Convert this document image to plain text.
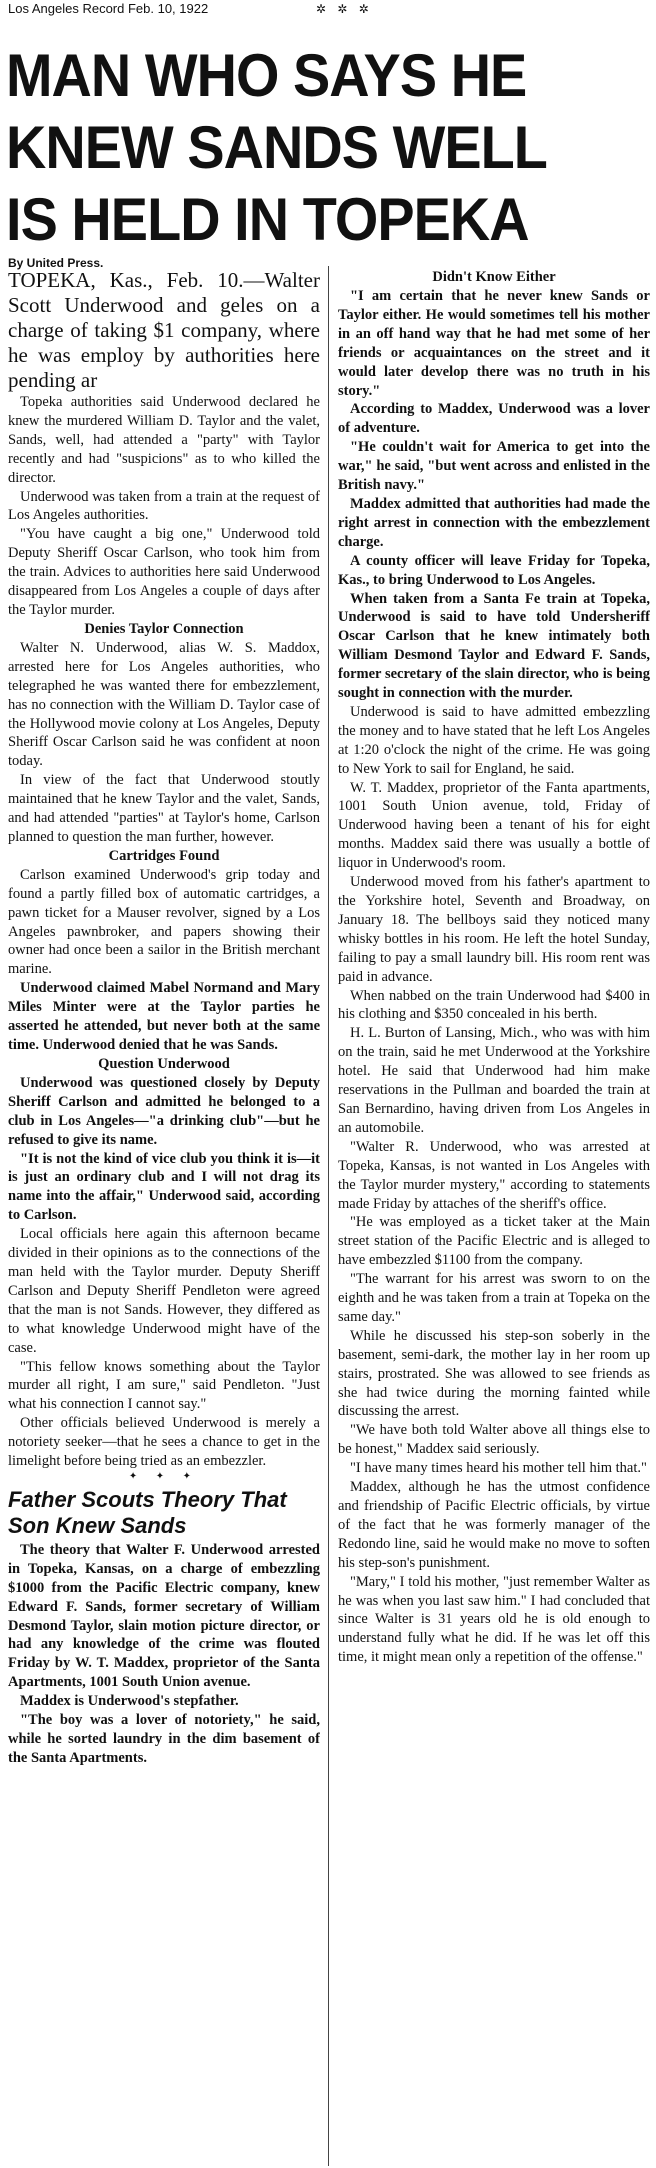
Los Angeles Record Feb. 10, 1922	✲ ✲ ✲
MAN WHO SAYS HE
KNEW SANDS WELL
IS HELD IN TOPEKA
By United Press.

TOPEKA, Kas., Feb. 10.—Walter Scott Underwood and geles on a charge of taking $1 company, where he was employ by authorities here pending ar

Topeka authorities said Underwood declared he knew the murdered William D. Taylor and the valet, Sands, well, had attended a "party" with Taylor recently and had "suspicions" as to who killed the director.

Underwood was taken from a train at the request of Los Angeles authorities.

"You have caught a big one," Underwood told Deputy Sheriff Oscar Carlson, who took him from the train. Advices to authorities here said Underwood disappeared from Los Angeles a couple of days after the Taylor murder.

Denies Taylor Connection

Walter N. Underwood, alias W. S. Maddox, arrested here for Los Angeles authorities, who telegraphed he was wanted there for embezzlement, has no connection with the William D. Taylor case of the Hollywood movie colony at Los Angeles, Deputy Sheriff Oscar Carlson said he was confident at noon today.

In view of the fact that Underwood stoutly maintained that he knew Taylor and the valet, Sands, and had attended "parties" at Taylor's home, Carlson planned to question the man further, however.

Cartridges Found

Carlson examined Underwood's grip today and found a partly filled box of automatic cartridges, a pawn ticket for a Mauser revolver, signed by a Los Angeles pawnbroker, and papers showing their owner had once been a sailor in the British merchant marine.

Underwood claimed Mabel Normand and Mary Miles Minter were at the Taylor parties he asserted he attended, but never both at the same time. Underwood denied that he was Sands.

Question Underwood

Underwood was questioned closely by Deputy Sheriff Carlson and admitted he belonged to a club in Los Angeles—"a drinking club"—but he refused to give its name.

"It is not the kind of vice club you think it is—it is just an ordinary club and I will not drag its name into the affair," Underwood said, according to Carlson.

Local officials here again this afternoon became divided in their opinions as to the connections of the man held with the Taylor murder. Deputy Sheriff Carlson and Deputy Sheriff Pendleton were agreed that the man is not Sands. However, they differed as to what knowledge Underwood might have of the case.

"This fellow knows something about the Taylor murder all right, I am sure," said Pendleton. "Just what his connection I cannot say."

Other officials believed Underwood is merely a notoriety seeker—that he sees a chance to get in the limelight before being tried as an embezzler.

✦ ✦ ✦
Father Scouts Theory That Son Knew Sands

The theory that Walter F. Underwood arrested in Topeka, Kansas, on a charge of embezzling $1000 from the Pacific Electric company, knew Edward F. Sands, former secretary of William Desmond Taylor, slain motion picture director, or had any knowledge of the crime was flouted Friday by W. T. Maddex, proprietor of the Santa Apartments, 1001 South Union avenue.

Maddex is Underwood's stepfather.

"The boy was a lover of notoriety," he said, while he sorted laundry in the dim basement of the Santa Apartments.

Didn't Know Either

"I am certain that he never knew Sands or Taylor either. He would sometimes tell his mother in an off hand way that he had met some of her friends or acquaintances on the street and it would later develop there was no truth in his story."

According to Maddex, Underwood was a lover of adventure.

"He couldn't wait for America to get into the war," he said, "but went across and enlisted in the British navy."

Maddex admitted that authorities had made the right arrest in connection with the embezzlement charge.

A county officer will leave Friday for Topeka, Kas., to bring Underwood to Los Angeles.

When taken from a Santa Fe train at Topeka, Underwood is said to have told Undersheriff Oscar Carlson that he knew intimately both William Desmond Taylor and Edward F. Sands, former secretary of the slain director, who is being sought in connection with the murder.

Underwood is said to have admitted embezzling the money and to have stated that he left Los Angeles at 1:20 o'clock the night of the crime. He was going to New York to sail for England, he said.

W. T. Maddex, proprietor of the Fanta apartments, 1001 South Union avenue, told, Friday of Underwood having been a tenant of his for eight months. Maddex said there was usually a bottle of liquor in Underwood's room.

Underwood moved from his father's apartment to the Yorkshire hotel, Seventh and Broadway, on January 18. The bellboys said they noticed many whisky bottles in his room. He left the hotel Sunday, failing to pay a small laundry bill. His room rent was paid in advance.

When nabbed on the train Underwood had $400 in his clothing and $350 concealed in his berth.

H. L. Burton of Lansing, Mich., who was with him on the train, said he met Underwood at the Yorkshire hotel. He said that Underwood had him make reservations in the Pullman and boarded the train at San Bernardino, having driven from Los Angeles in an automobile.

"Walter R. Underwood, who was arrested at Topeka, Kansas, is not wanted in Los Angeles with the Taylor murder mystery," according to statements made Friday by attaches of the sheriff's office.

"He was employed as a ticket taker at the Main street station of the Pacific Electric and is alleged to have embezzled $1100 from the company.

"The warrant for his arrest was sworn to on the eighth and he was taken from a train at Topeka on the same day."

While he discussed his step-son soberly in the basement, semi-dark, the mother lay in her room up stairs, prostrated. She was allowed to see friends as she had twice during the morning fainted while discussing the arrest.

"We have both told Walter above all things else to be honest," Maddex said seriously.

"I have many times heard his mother tell him that."

Maddex, although he has the utmost confidence and friendship of Pacific Electric officials, by virtue of the fact that he was formerly manager of the Redondo line, said he would make no move to soften his step-son's punishment.

"Mary," I told his mother, "just remember Walter as he was when you last saw him." I had concluded that since Walter is 31 years old he is old enough to understand fully what he did. If he was let off this time, it might mean only a repetition of the offense."
